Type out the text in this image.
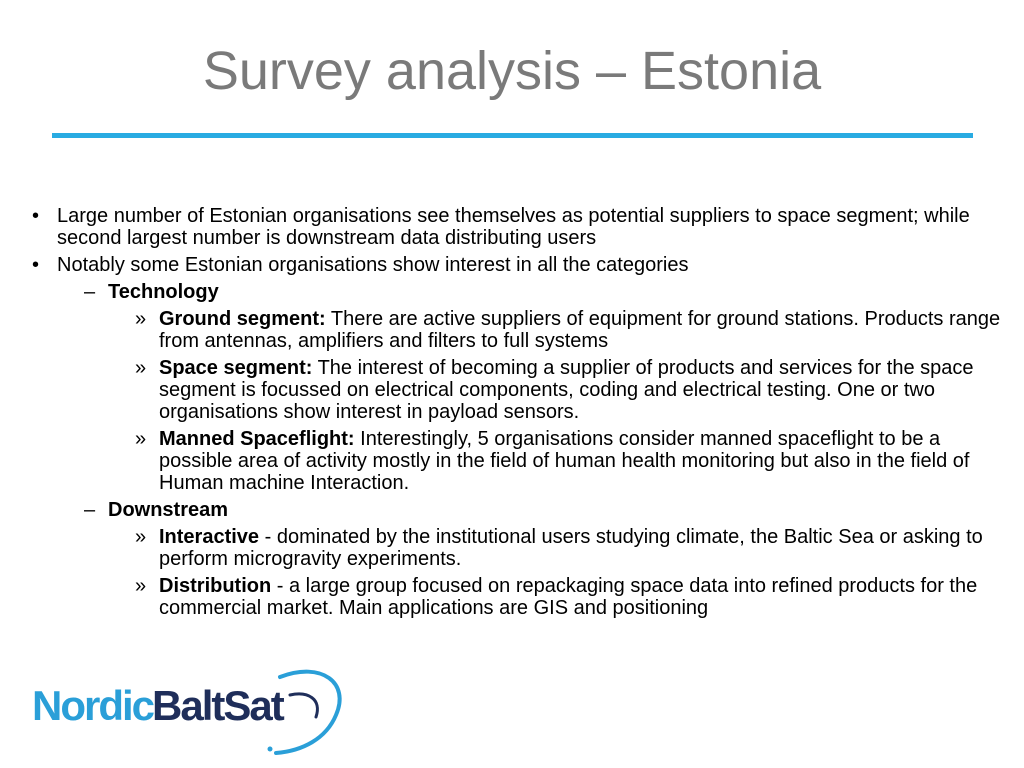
Survey analysis – Estonia

• Large number of Estonian organisations see themselves as potential suppliers to space segment; while second largest number is downstream data distributing users

• Notably some Estonian organisations show interest in all the categories

– Technology

» Ground segment: There are active suppliers of equipment for ground stations. Products range from antennas, amplifiers and filters to full systems

» Space segment: The interest of becoming a supplier of products and services for the space segment is focussed on electrical components, coding and electrical testing. One or two organisations show interest in payload sensors.

» Manned Spaceflight: Interestingly, 5 organisations consider manned spaceflight to be a possible area of activity mostly in the field of human health monitoring but also in the field of Human machine Interaction.

– Downstream

» Interactive - dominated by the institutional users studying climate, the Baltic Sea or asking to perform microgravity experiments.

» Distribution - a large group focused on repackaging space data into refined products for the commercial market. Main applications are GIS and positioning

Nordic
BaltSat
